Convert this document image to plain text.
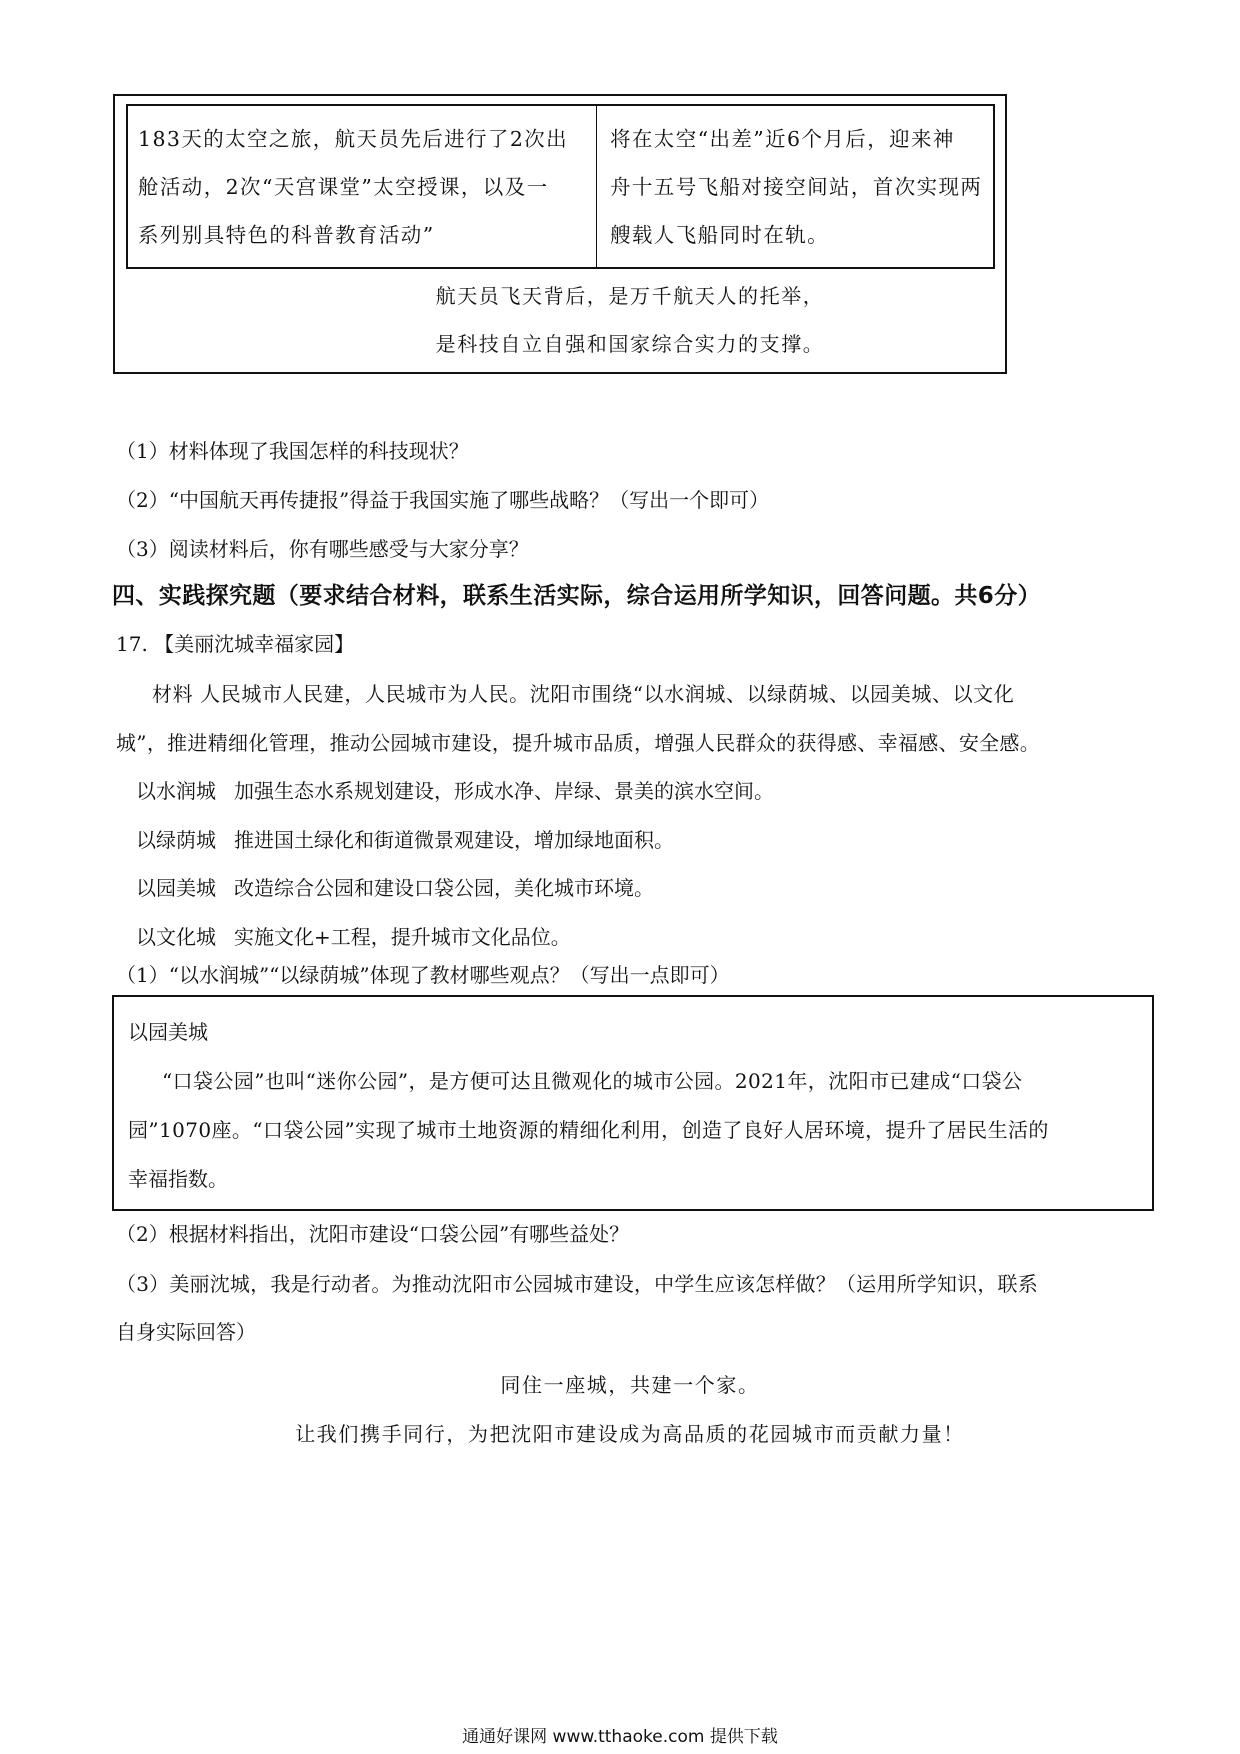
183天的太空之旅，航天员先后进行了2次出
舱活动，2次“天宫课堂”太空授课，以及一
系列别具特色的科普教育活动”
将在太空“出差”近6个月后，迎来神
舟十五号飞船对接空间站，首次实现两
艘载人飞船同时在轨。
航天员飞天背后，是万千航天人的托举，
是科技自立自强和国家综合实力的支撑。
（1）材料体现了我国怎样的科技现状？
（2）“中国航天再传捷报”得益于我国实施了哪些战略？（写出一个即可）
（3）阅读材料后，你有哪些感受与大家分享？
四、实践探究题（要求结合材料，联系生活实际，综合运用所学知识，回答问题。共6分）
17. 【美丽沈城幸福家园】
材料 人民城市人民建，人民城市为人民。沈阳市围绕“以水润城、以绿荫城、以园美城、以文化
城”，推进精细化管理，推动公园城市建设，提升城市品质，增强人民群众的获得感、幸福感、安全感。
以水润城 加强生态水系规划建设，形成水净、岸绿、景美的滨水空间。
以绿荫城 推进国土绿化和街道微景观建设，增加绿地面积。
以园美城 改造综合公园和建设口袋公园，美化城市环境。
以文化城 实施文化+工程，提升城市文化品位。
（1）“以水润城”“以绿荫城”体现了教材哪些观点？（写出一点即可）
以园美城
“口袋公园”也叫“迷你公园”，是方便可达且微观化的城市公园。2021年，沈阳市已建成“口袋公
园”1070座。“口袋公园”实现了城市土地资源的精细化利用，创造了良好人居环境，提升了居民生活的
幸福指数。
（2）根据材料指出，沈阳市建设“口袋公园”有哪些益处？
（3）美丽沈城，我是行动者。为推动沈阳市公园城市建设，中学生应该怎样做？（运用所学知识，联系
自身实际回答）
同住一座城，共建一个家。
让我们携手同行，为把沈阳市建设成为高品质的花园城市而贡献力量！
通通好课网 www.tthaoke.com 提供下载
